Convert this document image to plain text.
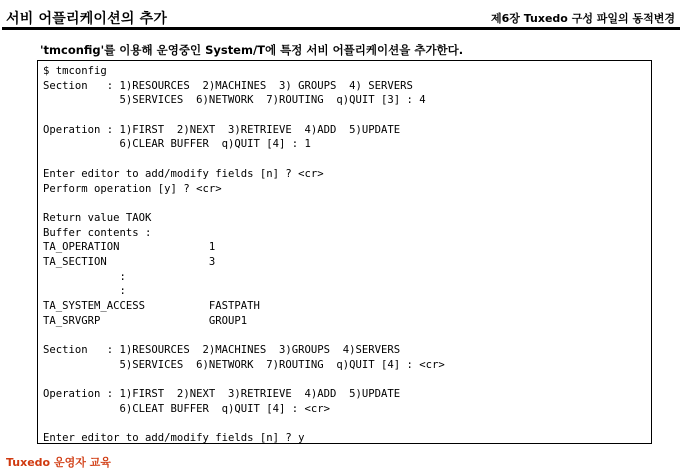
서비 어플리케이션의 추가	제6장 Tuxedo 구성 파일의 동적변경
'tmconfig'를 이용해 운영중인 System/T에 특정 서비 어플리케이션을 추가한다.
$ tmconfig
Section   : 1)RESOURCES  2)MACHINES  3) GROUPS  4) SERVERS
5)SERVICES  6)NETWORK  7)ROUTING  q)QUIT [3] : 4
Operation : 1)FIRST  2)NEXT  3)RETRIEVE  4)ADD  5)UPDATE
6)CLEAR BUFFER  q)QUIT [4] : 1
Enter editor to add/modify fields [n] ? <cr>
Perform operation [y] ? <cr>
Return value TAOK
Buffer contents :
TA_OPERATION              1
TA_SECTION                3
:
:
TA_SYSTEM_ACCESS          FASTPATH
TA_SRVGRP                 GROUP1
Section   : 1)RESOURCES  2)MACHINES  3)GROUPS  4)SERVERS
5)SERVICES  6)NETWORK  7)ROUTING  q)QUIT [4] : <cr>
Operation : 1)FIRST  2)NEXT  3)RETRIEVE  4)ADD  5)UPDATE
6)CLEAT BUFFER  q)QUIT [4] : <cr>
Enter editor to add/modify fields [n] ? y
Tuxedo 운영자 교육
